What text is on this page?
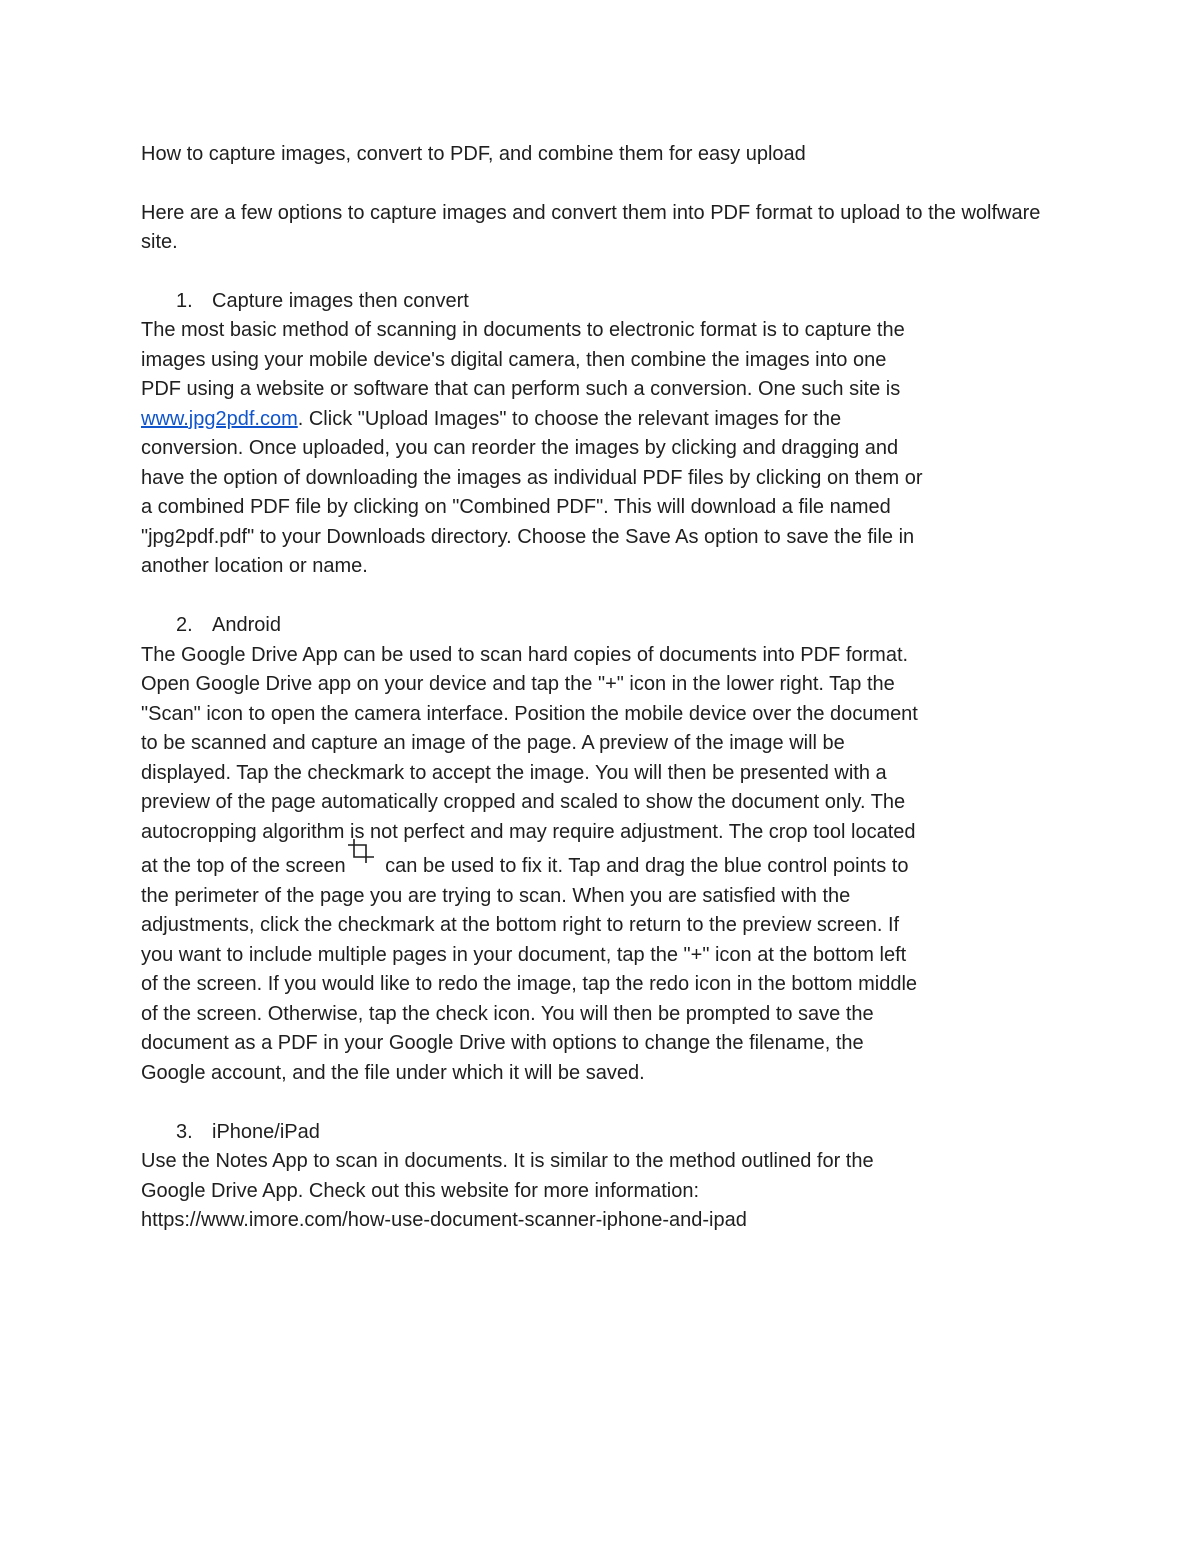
How to capture images, convert to PDF, and combine them for easy upload

Here are a few options to capture images and convert them into PDF format to upload to the wolfware site.

1. Capture images then convert

The most basic method of scanning in documents to electronic format is to capture the images using your mobile device's digital camera, then combine the images into one PDF using a website or software that can perform such a conversion. One such site is www.jpg2pdf.com. Click "Upload Images" to choose the relevant images for the conversion. Once uploaded, you can reorder the images by clicking and dragging and have the option of downloading the images as individual PDF files by clicking on them or a combined PDF file by clicking on "Combined PDF". This will download a file named "jpg2pdf.pdf" to your Downloads directory. Choose the Save As option to save the file in another location or name.

2. Android

The Google Drive App can be used to scan hard copies of documents into PDF format. Open Google Drive app on your device and tap the "+" icon in the lower right. Tap the "Scan" icon to open the camera interface. Position the mobile device over the document to be scanned and capture an image of the page. A preview of the image will be displayed. Tap the checkmark to accept the image. You will then be presented with a preview of the page automatically cropped and scaled to show the document only. The autocropping algorithm is not perfect and may require adjustment. The crop tool located at the top of the screen can be used to fix it. Tap and drag the blue control points to the perimeter of the page you are trying to scan. When you are satisfied with the adjustments, click the checkmark at the bottom right to return to the preview screen. If you want to include multiple pages in your document, tap the "+" icon at the bottom left of the screen. If you would like to redo the image, tap the redo icon in the bottom middle of the screen. Otherwise, tap the check icon. You will then be prompted to save the document as a PDF in your Google Drive with options to change the filename, the Google account, and the file under which it will be saved.

3. iPhone/iPad

Use the Notes App to scan in documents. It is similar to the method outlined for the Google Drive App. Check out this website for more information:
https://www.imore.com/how-use-document-scanner-iphone-and-ipad
